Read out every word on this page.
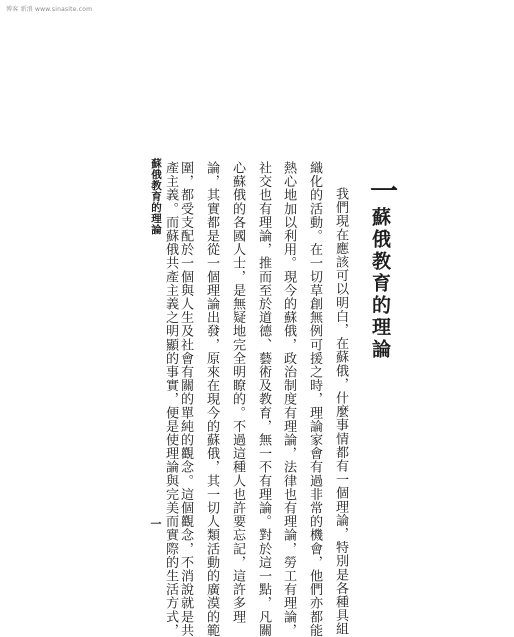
博客 新浪 www.sinasite.com
一
蘇俄教育的理論
我們現在應該可以明白，在蘇俄，什麼事情都有一個理論，特別是各種具組
織化的活動。在一切草創無例可援之時，理論家會有過非常的機會，他們亦都能
熱心地加以利用。現今的蘇俄，政治制度有理論，法律也有理論，勞工有理論，
社交也有理論，推而至於道德、藝術及教育，無一不有理論。對於這一點，凡關
心蘇俄的各國人士，是無疑地完全明瞭的。不過這種人也許要忘記，這許多理
論，其實都是從一個理論出發，原來在現今的蘇俄，其一切人類活動的廣漠的範
圍，都受支配於一個與人生及社會有關的單純的觀念。這個觀念，不消說就是共
產主義。而蘇俄共產主義之明顯的事實，便是使理論與完美而實際的生活方式，
蘇俄教育的理論
一
